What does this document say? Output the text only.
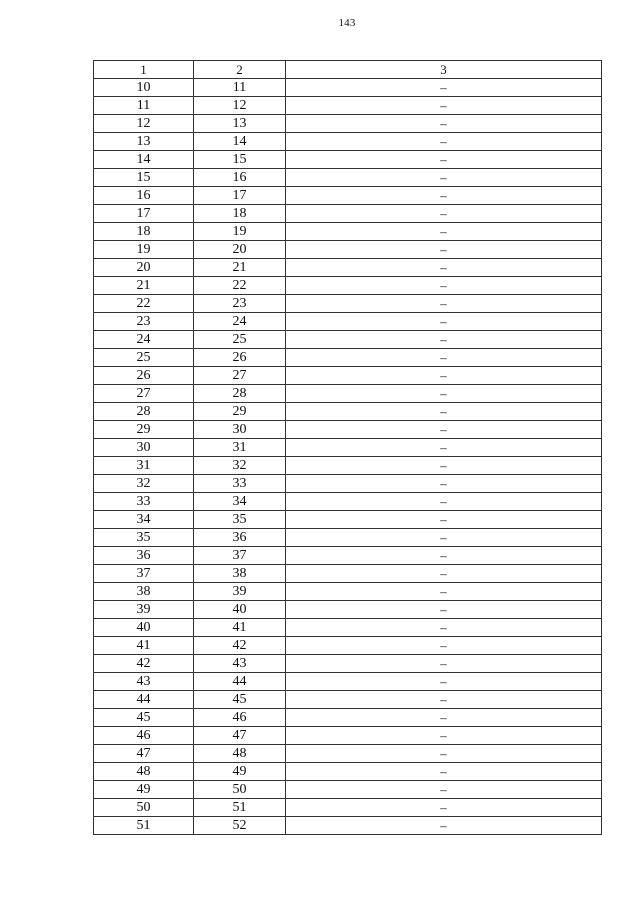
143
1	2	3
10	11	–
11	12	–
12	13	–
13	14	–
14	15	–
15	16	–
16	17	–
17	18	–
18	19	–
19	20	–
20	21	–
21	22	–
22	23	–
23	24	–
24	25	–
25	26	–
26	27	–
27	28	–
28	29	–
29	30	–
30	31	–
31	32	–
32	33	–
33	34	–
34	35	–
35	36	–
36	37	–
37	38	–
38	39	–
39	40	–
40	41	–
41	42	–
42	43	–
43	44	–
44	45	–
45	46	–
46	47	–
47	48	–
48	49	–
49	50	–
50	51	–
51	52	–
